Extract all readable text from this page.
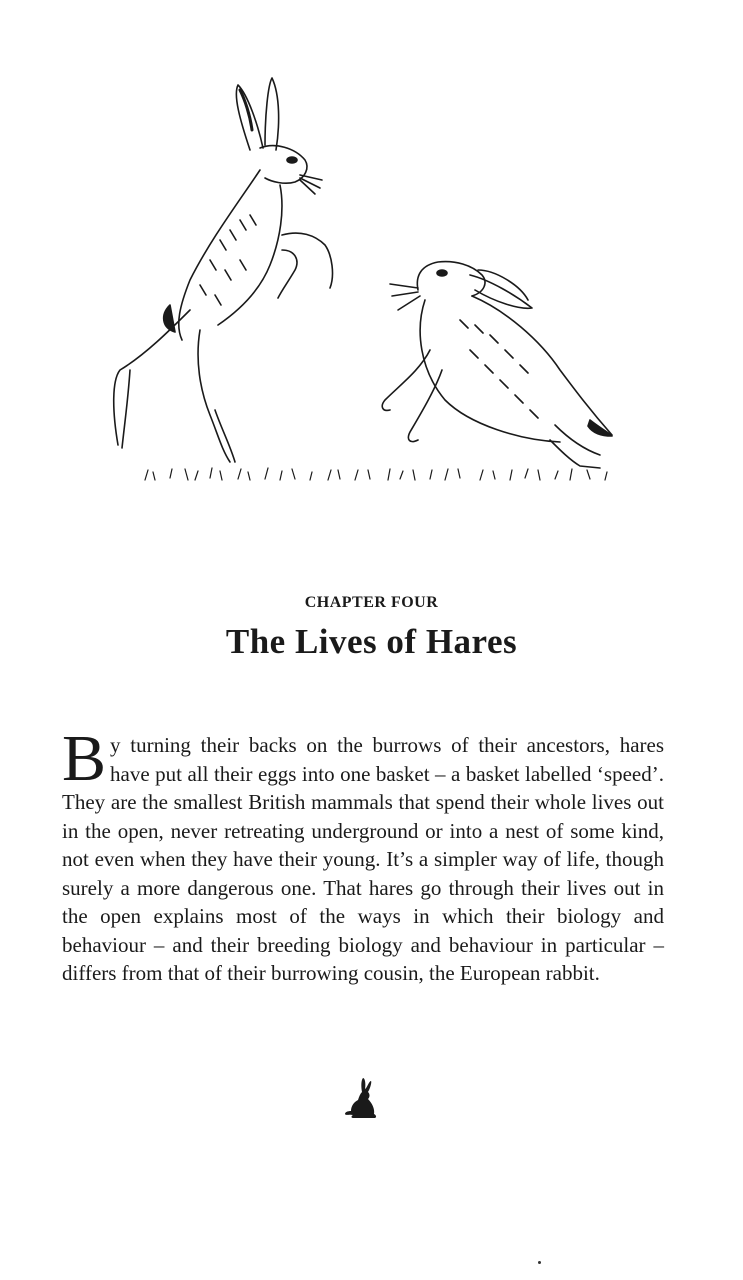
CHAPTER FOUR
The Lives of Hares

By turning their backs on the burrows of their ancestors, hares have put all their eggs into one basket – a basket labelled ‘speed’. They are the smallest British mammals that spend their whole lives out in the open, never retreating underground or into a nest of some kind, not even when they have their young. It’s a simpler way of life, though surely a more dangerous one. That hares go through their lives out in the open explains most of the ways in which their biology and behaviour – and their breeding biology and behaviour in particular – differs from that of their burrowing cousin, the European rabbit.
